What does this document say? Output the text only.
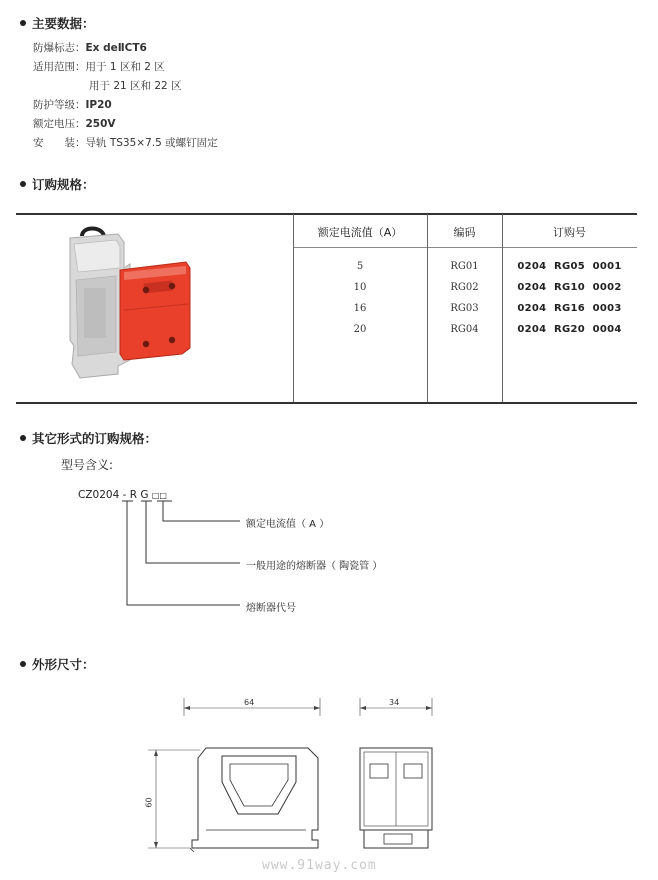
主要数据：
防爆标志：Ex deⅡCT6
适用范围：用于 1 区和 2 区
用于 21 区和 22 区
防护等级：IP20
额定电压：250V
安　　装：导轨 TS35×7.5 或螺钉固定
订购规格：
额定电流值（A）	编码	订购号
5	RG01	0204  RG05  0001
10	RG02	0204  RG10  0002
16	RG03	0204  RG16  0003
20	RG04	0204  RG20  0004
其它形式的订购规格：
型号含义:
CZ0204 - R G □□
额定电流值（ A ）
一般用途的熔断器（ 陶瓷管 ）
熔断器代号
外形尺寸：
64	34
60
www.91way.com
